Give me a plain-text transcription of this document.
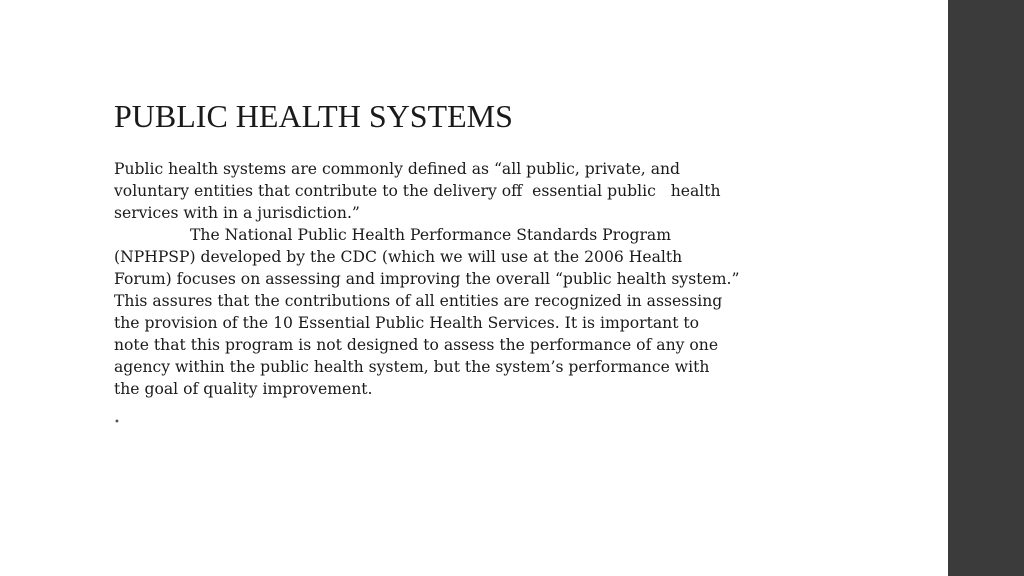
PUBLIC HEALTH SYSTEMS
Public health systems are commonly defined as “all public, private, and
voluntary entities that contribute to the delivery off  essential public   health
services with in a jurisdiction.”
The National Public Health Performance Standards Program
(NPHPSP) developed by the CDC (which we will use at the 2006 Health
Forum) focuses on assessing and improving the overall “public health system.”
This assures that the contributions of all entities are recognized in assessing
the provision of the 10 Essential Public Health Services. It is important to
note that this program is not designed to assess the performance of any one
agency within the public health system, but the system’s performance with
the goal of quality improvement.
•
